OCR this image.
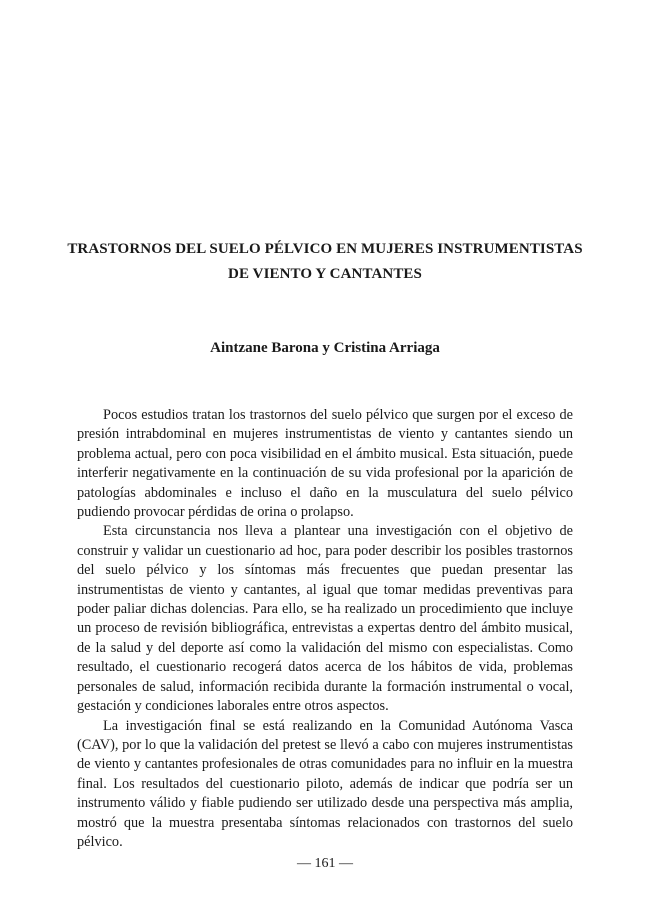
TRASTORNOS DEL SUELO PÉLVICO EN MUJERES INSTRUMENTISTAS
DE VIENTO Y CANTANTES
Aintzane Barona y Cristina Arriaga

Pocos estudios tratan los trastornos del suelo pélvico que surgen por el exceso de presión intrabdominal en mujeres instrumentistas de viento y cantantes siendo un problema actual, pero con poca visibilidad en el ámbito musical. Esta situación, puede interferir negativamente en la continuación de su vida profesional por la aparición de patologías abdominales e incluso el daño en la musculatura del suelo pélvico pudiendo provocar pérdidas de orina o prolapso.

Esta circunstancia nos lleva a plantear una investigación con el objetivo de construir y validar un cuestionario ad hoc, para poder describir los posibles trastornos del suelo pélvico y los síntomas más frecuentes que puedan presentar las instrumentistas de viento y cantantes, al igual que tomar medidas preventivas para poder paliar dichas dolencias. Para ello, se ha realizado un procedimiento que incluye un proceso de revisión bibliográfica, entrevistas a expertas dentro del ámbito musical, de la salud y del deporte así como la validación del mismo con especialistas. Como resultado, el cuestionario recogerá datos acerca de los hábitos de vida, problemas personales de salud, información recibida durante la formación instrumental o vocal, gestación y condiciones laborales entre otros aspectos.

La investigación final se está realizando en la Comunidad Autónoma Vasca (CAV), por lo que la validación del pretest se llevó a cabo con mujeres instrumentistas de viento y cantantes profesionales de otras comunidades para no influir en la muestra final. Los resultados del cuestionario piloto, además de indicar que podría ser un instrumento válido y fiable pudiendo ser utilizado desde una perspectiva más amplia, mostró que la muestra presentaba síntomas relacionados con trastornos del suelo pélvico.

— 161 —
